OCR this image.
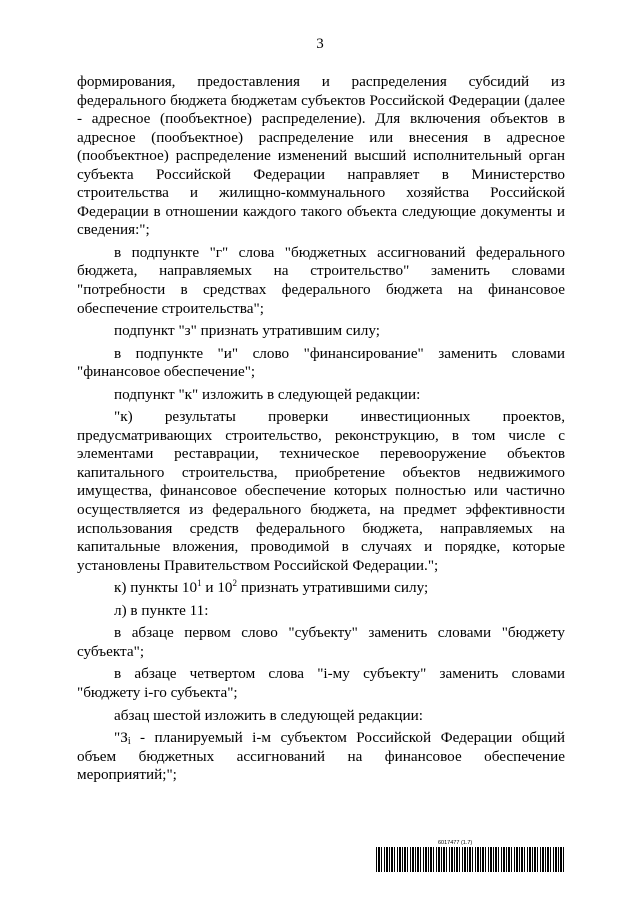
3

формирования, предоставления и распределения субсидий из федерального бюджета бюджетам субъектов Российской Федерации (далее - адресное (пообъектное) распределение). Для включения объектов в адресное (пообъектное) распределение или внесения в адресное (пообъектное) распределение изменений высший исполнительный орган субъекта Российской Федерации направляет в Министерство строительства и жилищно-коммунального хозяйства Российской Федерации в отношении каждого такого объекта следующие документы и сведения:";

в подпункте "г" слова "бюджетных ассигнований федерального бюджета, направляемых на строительство" заменить словами "потребности в средствах федерального бюджета на финансовое обеспечение строительства";

подпункт "з" признать утратившим силу;

в подпункте "и" слово "финансирование" заменить словами "финансовое обеспечение";

подпункт "к" изложить в следующей редакции:

"к) результаты проверки инвестиционных проектов, предусматривающих строительство, реконструкцию, в том числе с элементами реставрации, техническое перевооружение объектов капитального строительства, приобретение объектов недвижимого имущества, финансовое обеспечение которых полностью или частично осуществляется из федерального бюджета, на предмет эффективности использования средств федерального бюджета, направляемых на капитальные вложения, проводимой в случаях и порядке, которые установлены Правительством Российской Федерации.";

к) пункты $10^1$ и $10^2$ признать утратившими силу;

л) в пункте 11:

в абзаце первом слово "субъекту" заменить словами "бюджету субъекта";

в абзаце четвертом слова "i-му субъекту" заменить словами "бюджету i-го субъекта";

абзац шестой изложить в следующей редакции:

"$З_i$ - планируемый i-м субъектом Российской Федерации общий объем бюджетных ассигнований на финансовое обеспечение мероприятий;";

6017477 (1.7)
